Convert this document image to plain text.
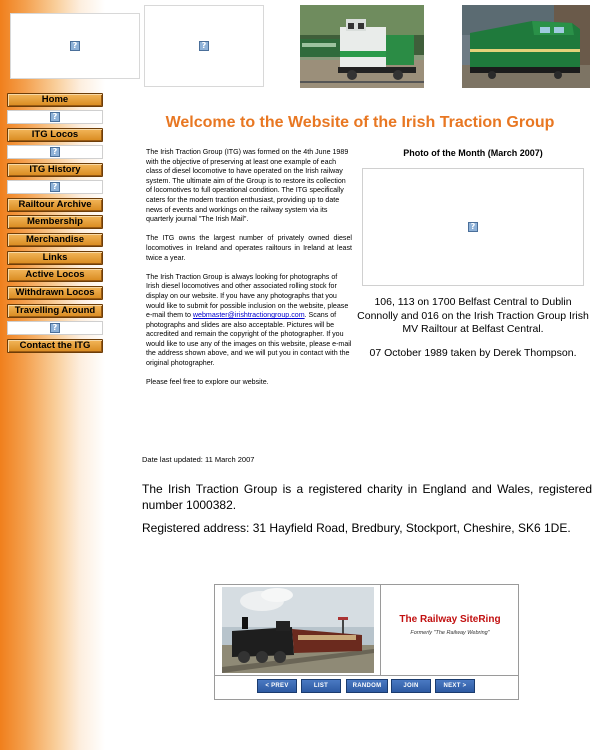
?	?
Home
?
ITG Locos
?
ITG History
?
Railtour Archive
Membership
Merchandise
Links
Active Locos
Withdrawn Locos
Travelling Around
?
Contact the ITG
Welcome to the Website of the Irish Traction Group

The Irish Traction Group (ITG) was formed on the 4th June 1989 with the objective of preserving at least one example of each class of diesel locomotive to have operated on the Irish railway system. The ultimate aim of the Group is to restore its collection of locomotives to full operational condition. The ITG specifically caters for the modern traction enthusiast, providing up to date news of events and workings on the railway system via its quarterly journal "The Irish Mail".

The ITG owns the largest number of privately owned diesel locomotives in Ireland and operates railtours in Ireland at least twice a year.

The Irish Traction Group is always looking for photographs of Irish diesel locomotives and other associated rolling stock for display on our website. If you have any photographs that you would like to submit for possible inclusion on the website, please e-mail them to webmaster@irishtractiongroup.com. Scans of photographs and slides are also acceptable. Pictures will be accredited and remain the copyright of the photographer. If you would like to use any of the images on this website, please e-mail the address shown above, and we will put you in contact with the original photographer.

Please feel free to explore our website.

Photo of the Month (March 2007)
?
106, 113 on 1700 Belfast Central to Dublin Connolly and 016 on the Irish Traction Group Irish MV Railtour at Belfast Central.
07 October 1989 taken by Derek Thompson.
Date last updated: 11 March 2007
The Irish Traction Group is a registered charity in England and Wales, registered number 1000382.
Registered address: 31 Hayfield Road, Bredbury, Stockport, Cheshire, SK6 1DE.
The Railway SiteRing
Formerly "The Railway Webring"
< PREV	LIST	RANDOM	JOIN	NEXT >
